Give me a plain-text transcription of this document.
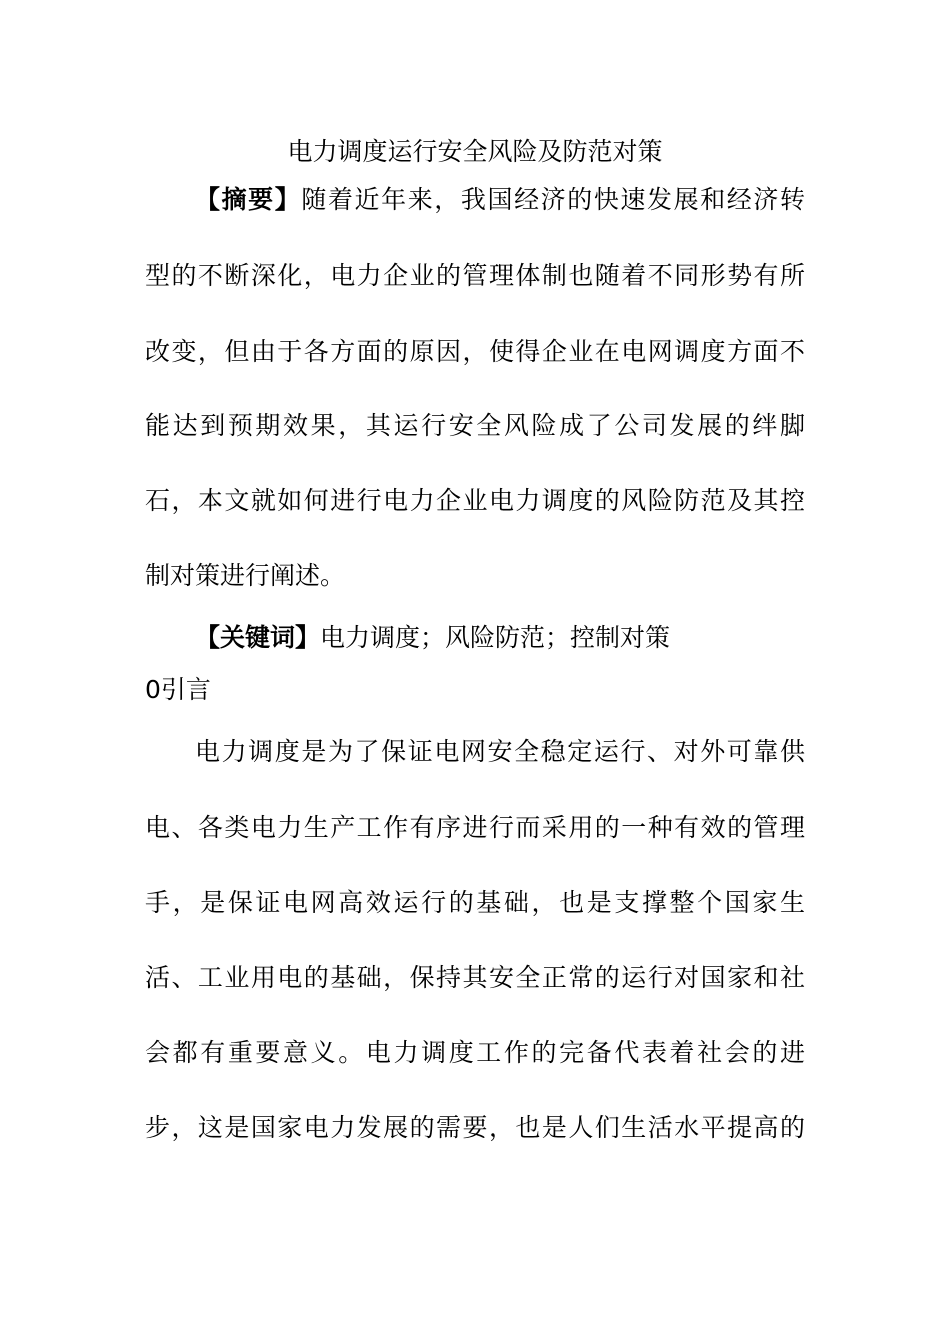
电力调度运行安全风险及防范对策
【摘要】随着近年来，我国经济的快速发展和经济转
型的不断深化，电力企业的管理体制也随着不同形势有所
改变，但由于各方面的原因，使得企业在电网调度方面不
能达到预期效果，其运行安全风险成了公司发展的绊脚
石，本文就如何进行电力企业电力调度的风险防范及其控
制对策进行阐述。
【关键词】电力调度；风险防范；控制对策
0引言
电力调度是为了保证电网安全稳定运行、对外可靠供
电、各类电力生产工作有序进行而采用的一种有效的管理
手，是保证电网高效运行的基础，也是支撑整个国家生
活、工业用电的基础，保持其安全正常的运行对国家和社
会都有重要意义。电力调度工作的完备代表着社会的进
步，这是国家电力发展的需要，也是人们生活水平提高的
